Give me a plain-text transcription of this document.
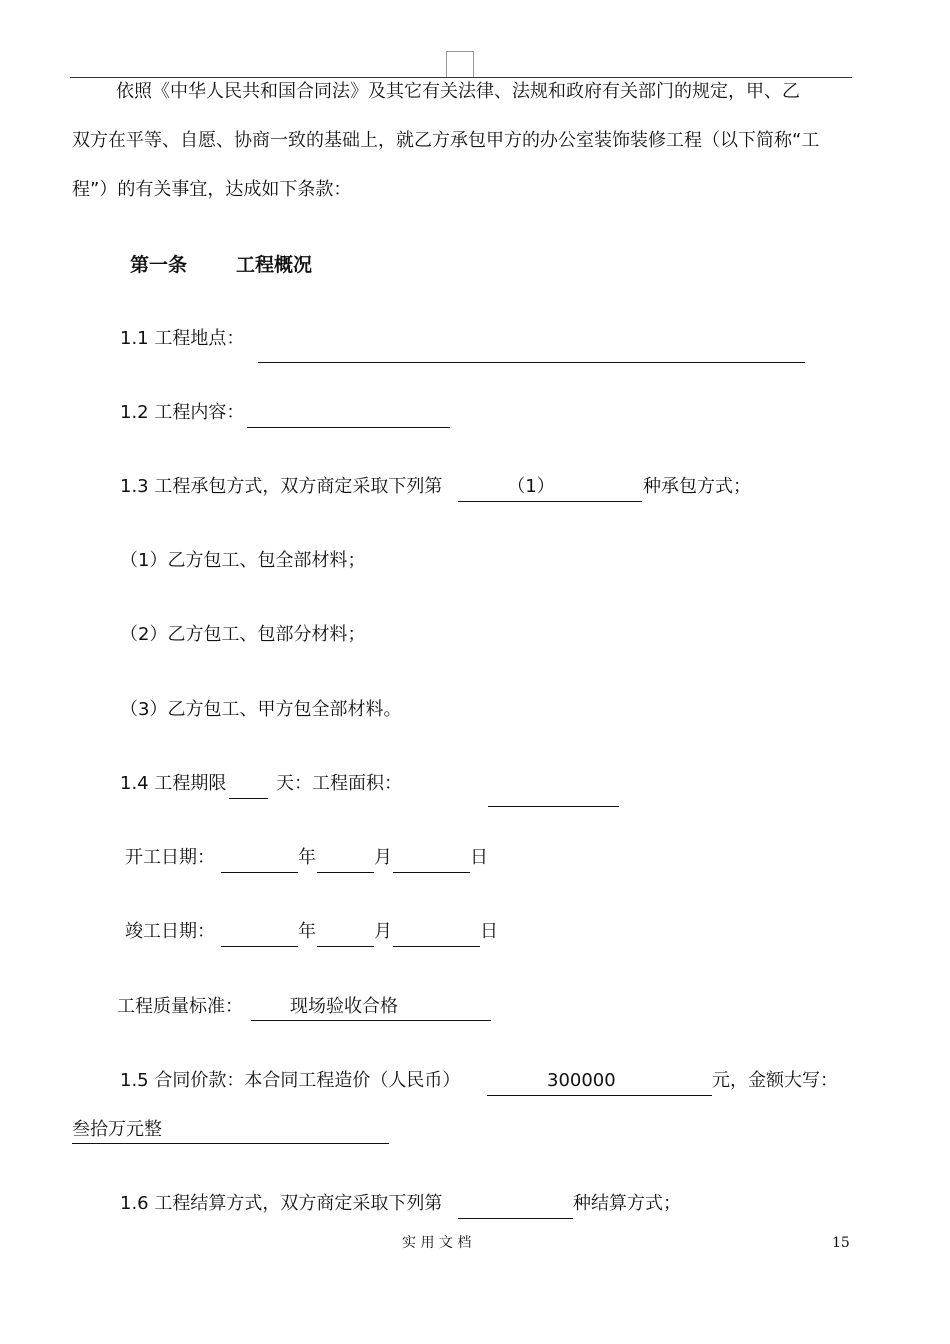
依照《中华人民共和国合同法》及其它有关法律、法规和政府有关部门的规定，甲、乙
双方在平等、自愿、协商一致的基础上，就乙方承包甲方的办公室装饰装修工程（以下简称“工
程”）的有关事宜，达成如下条款：
第一条	工程概况
1.1 工程地点：
1.2 工程内容：
1.3 工程承包方式，双方商定采取下列第	（1）	种承包方式；
（1）乙方包工、包全部材料；
（2）乙方包工、包部分材料；
（3）乙方包工、甲方包全部材料。
1.4 工程期限	天：工程面积：
开工日期：	年	月	日
竣工日期：	年	月	日
工程质量标准：	现场验收合格
1.5 合同价款：本合同工程造价（人民币）	300000	元，金额大写：
叁拾万元整
1.6 工程结算方式，双方商定采取下列第	种结算方式；
实 用 文 档	15
